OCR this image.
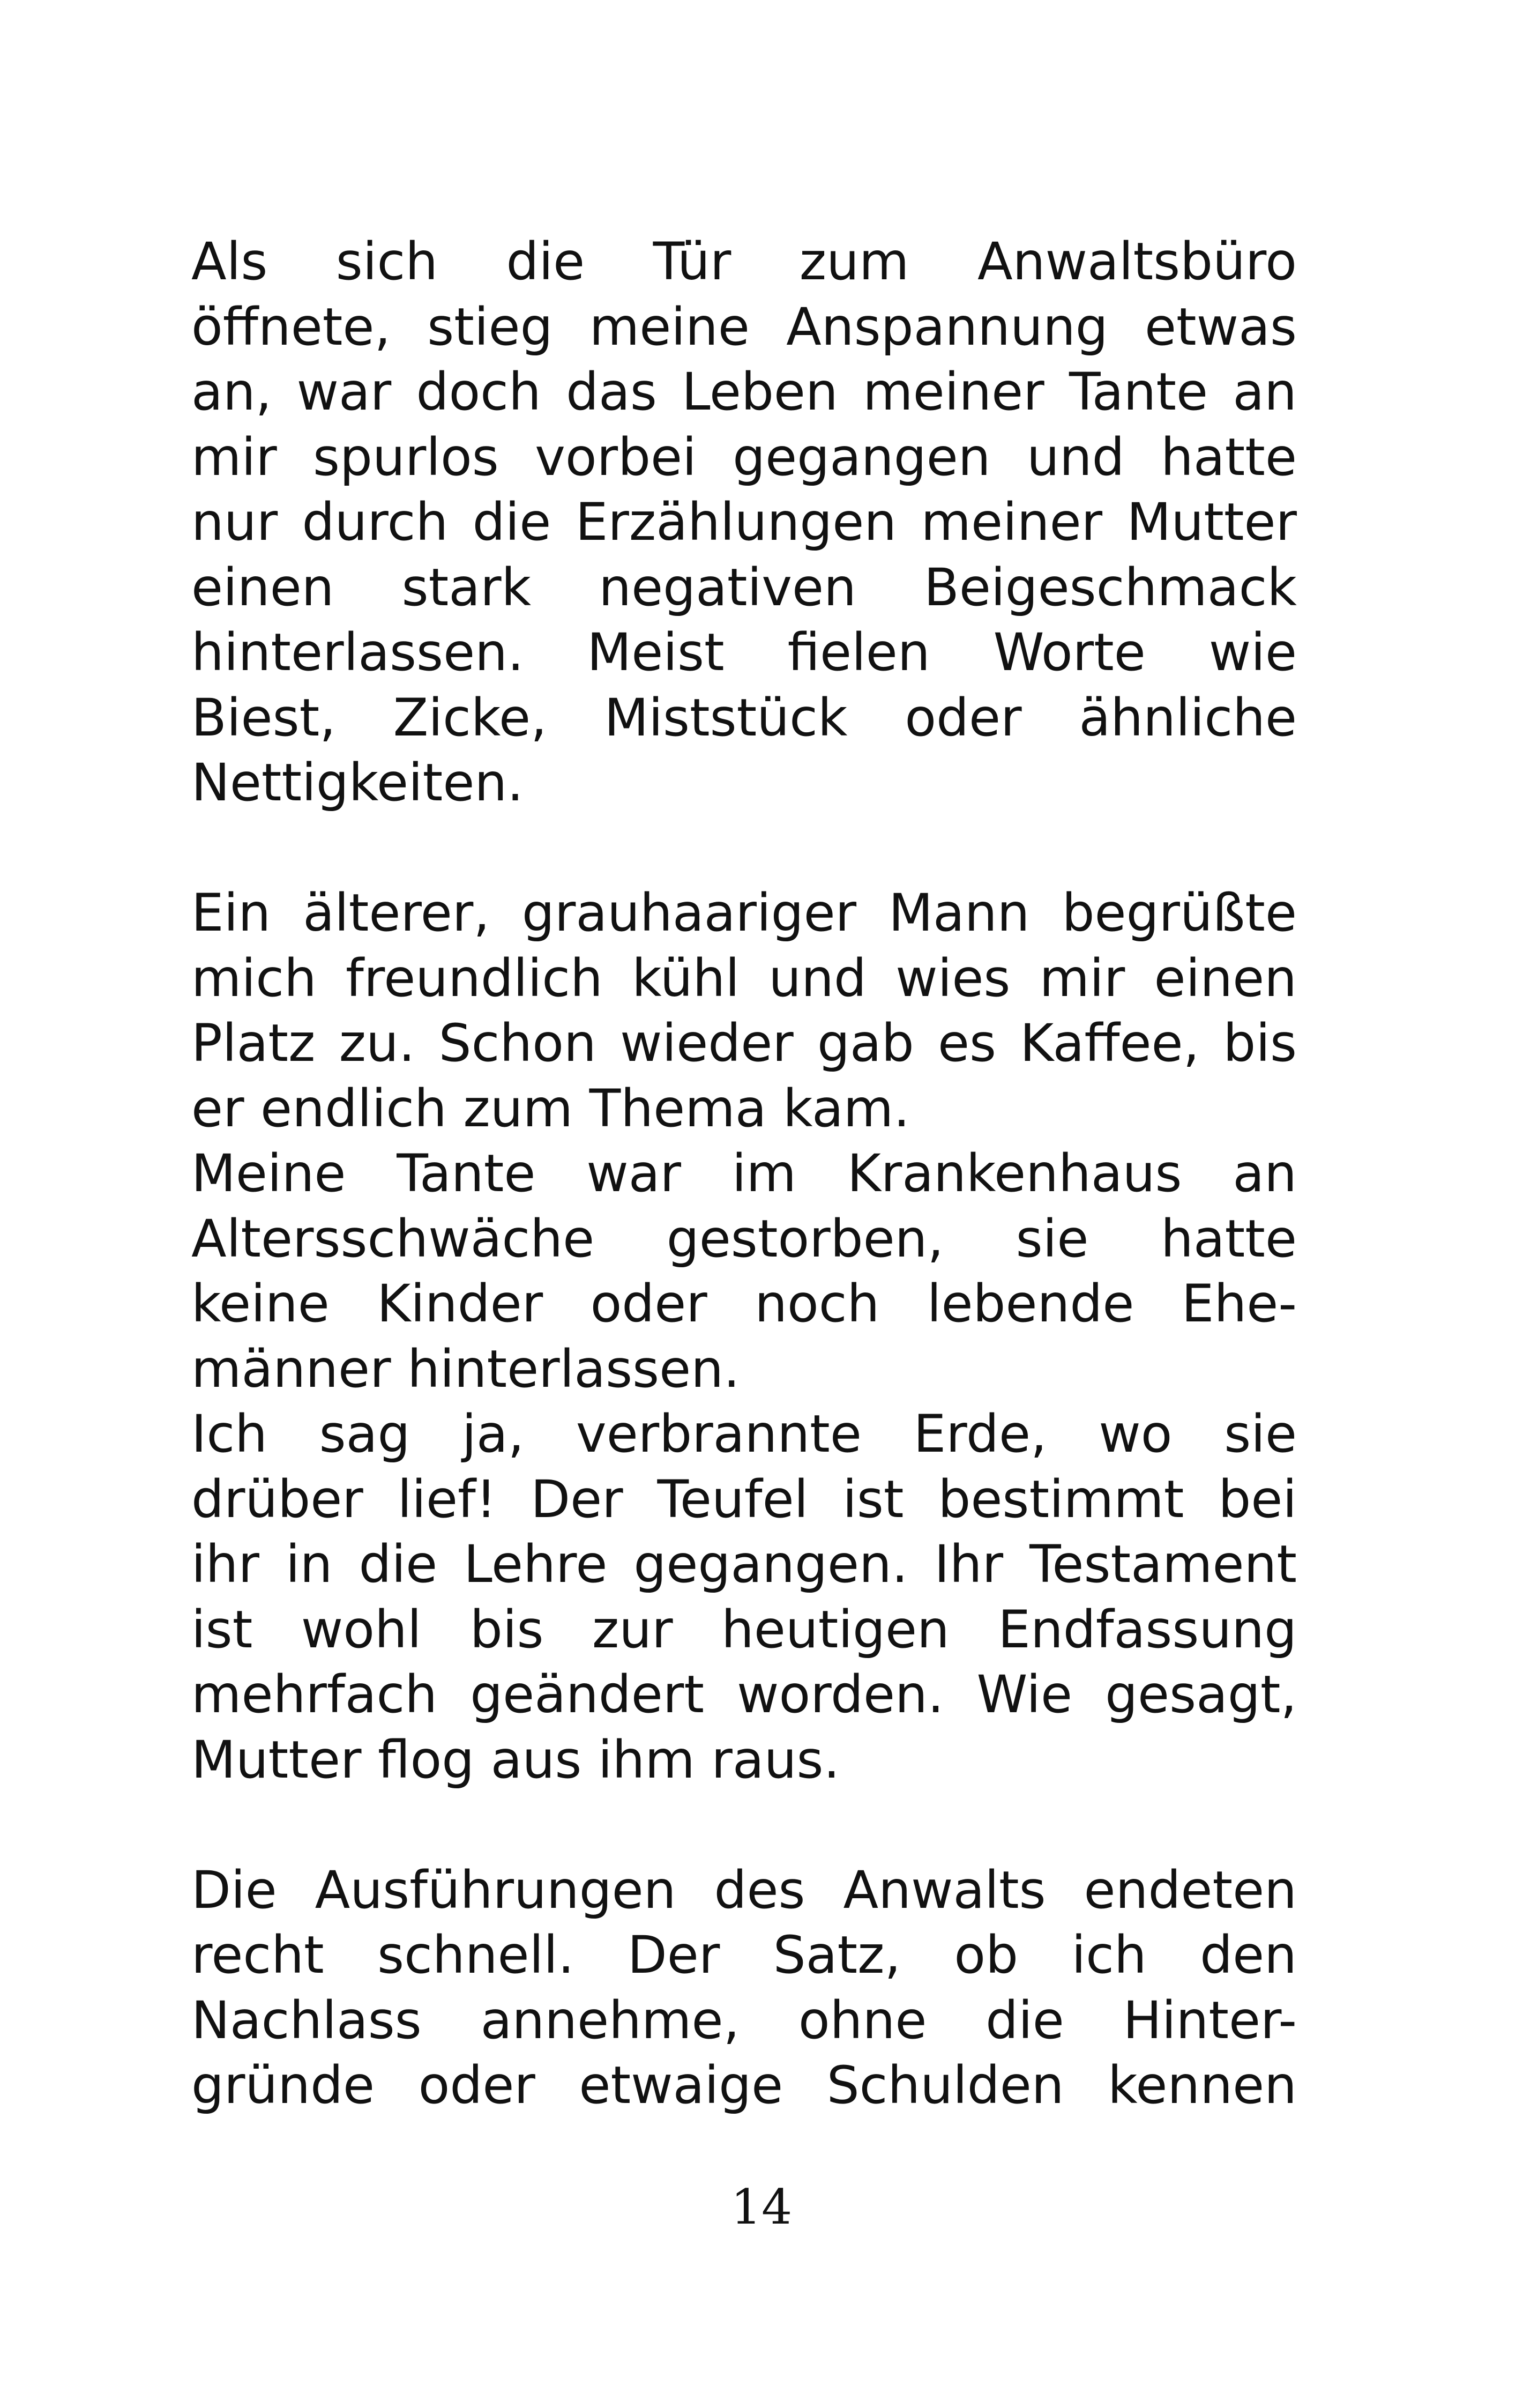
Als sich die Tür zum Anwaltsbüro
öffnete, stieg meine Anspannung etwas
an, war doch das Leben meiner Tante an
mir spurlos vorbei gegangen und hatte
nur durch die Erzählungen meiner Mutter
einen stark negativen Beigeschmack
hinterlassen. Meist fielen Worte wie
Biest, Zicke, Miststück oder ähnliche
Nettigkeiten.

Ein älterer, grauhaariger Mann begrüßte
mich freundlich kühl und wies mir einen
Platz zu. Schon wieder gab es Kaffee, bis
er endlich zum Thema kam.

Meine Tante war im Krankenhaus an
Altersschwäche gestorben, sie hatte
keine Kinder oder noch lebende Ehe-
männer hinterlassen.

Ich sag ja, verbrannte Erde, wo sie
drüber lief! Der Teufel ist bestimmt bei
ihr in die Lehre gegangen. Ihr Testament
ist wohl bis zur heutigen Endfassung
mehrfach geändert worden. Wie gesagt,
Mutter flog aus ihm raus.

Die Ausführungen des Anwalts endeten
recht schnell. Der Satz, ob ich den
Nachlass annehme, ohne die Hinter-
gründe oder etwaige Schulden kennen

14
